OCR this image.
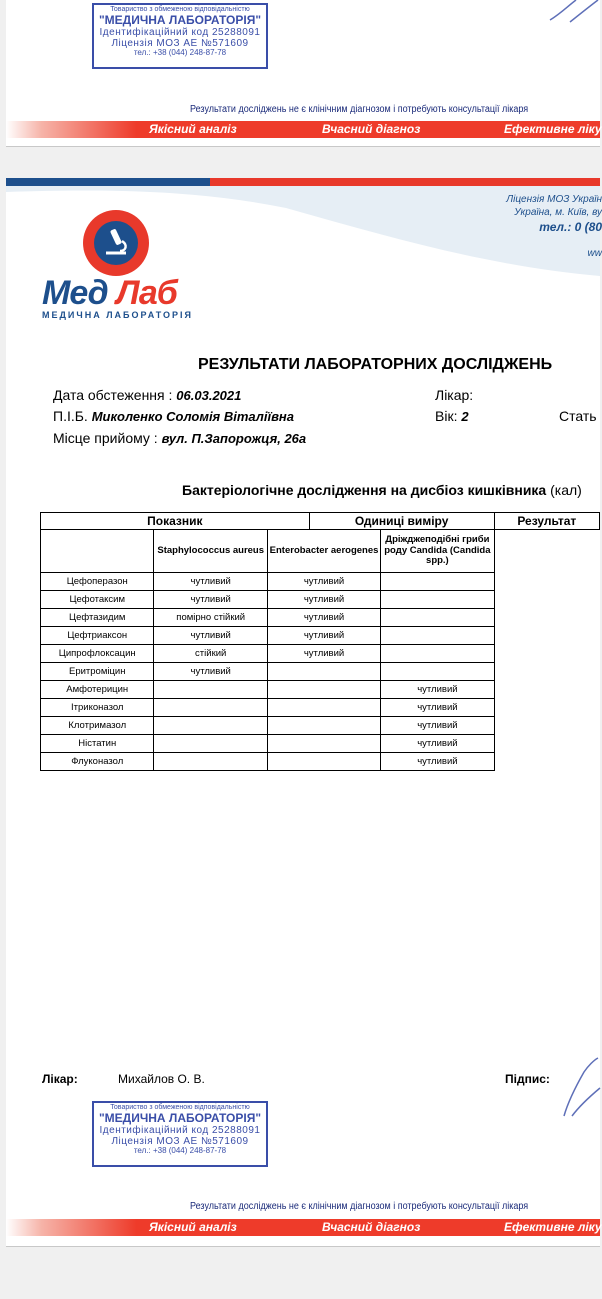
Товариство з обмеженою відповідальністю
"МЕДИЧНА ЛАБОРАТОРІЯ"
Ідентифікаційний код 25288091
Ліцензія МОЗ АЕ №571609
тел.: +38 (044) 248-87-78
Результати досліджень не є клінічним діагнозом і потребують консультації лікаря
Якісний аналіз	Вчасний діагноз	Ефективне ліку
Мед Лаб
МЕДИЧНА ЛАБОРАТОРІЯ
Ліцензія МОЗ Україн
Україна, м. Київ, ву
тел.: 0 (80
ww
РЕЗУЛЬТАТИ ЛАБОРАТОРНИХ ДОСЛІДЖЕНЬ
Дата обстеження : 06.03.2021
П.І.Б. Миколенко Соломія Віталіївна
Місце прийому : вул. П.Запорожця, 26а
Лікар:
Вік: 2	Стать
Бактеріологічне дослідження на дисбіоз кишківника (кал)
Показник			Одиниці виміру		Результат
	Staphylococcus aureus	Enterobacter aerogenes		Дріжджеподібні гриби роду Candida (Candida spp.)	
Цефоперазон	чутливий	чутливий			
Цефотаксим	чутливий	чутливий			
Цефтазидим	помірно стійкий	чутливий			
Цефтриаксон	чутливий	чутливий			
Ципрофлоксацин	стійкий	чутливий			
Еритроміцин	чутливий				
Амфотерицин				чутливий	
Ітриконазол				чутливий	
Клотримазол				чутливий	
Ністатин				чутливий	
Флуконазол				чутливий	
Лікар:	Михайлов О. В.	Підпис:
Товариство з обмеженою відповідальністю
"МЕДИЧНА ЛАБОРАТОРІЯ"
Ідентифікаційний код 25288091
Ліцензія МОЗ АЕ №571609
тел.: +38 (044) 248-87-78
Результати досліджень не є клінічним діагнозом і потребують консультації лікаря
Якісний аналіз	Вчасний діагноз	Ефективне ліку
